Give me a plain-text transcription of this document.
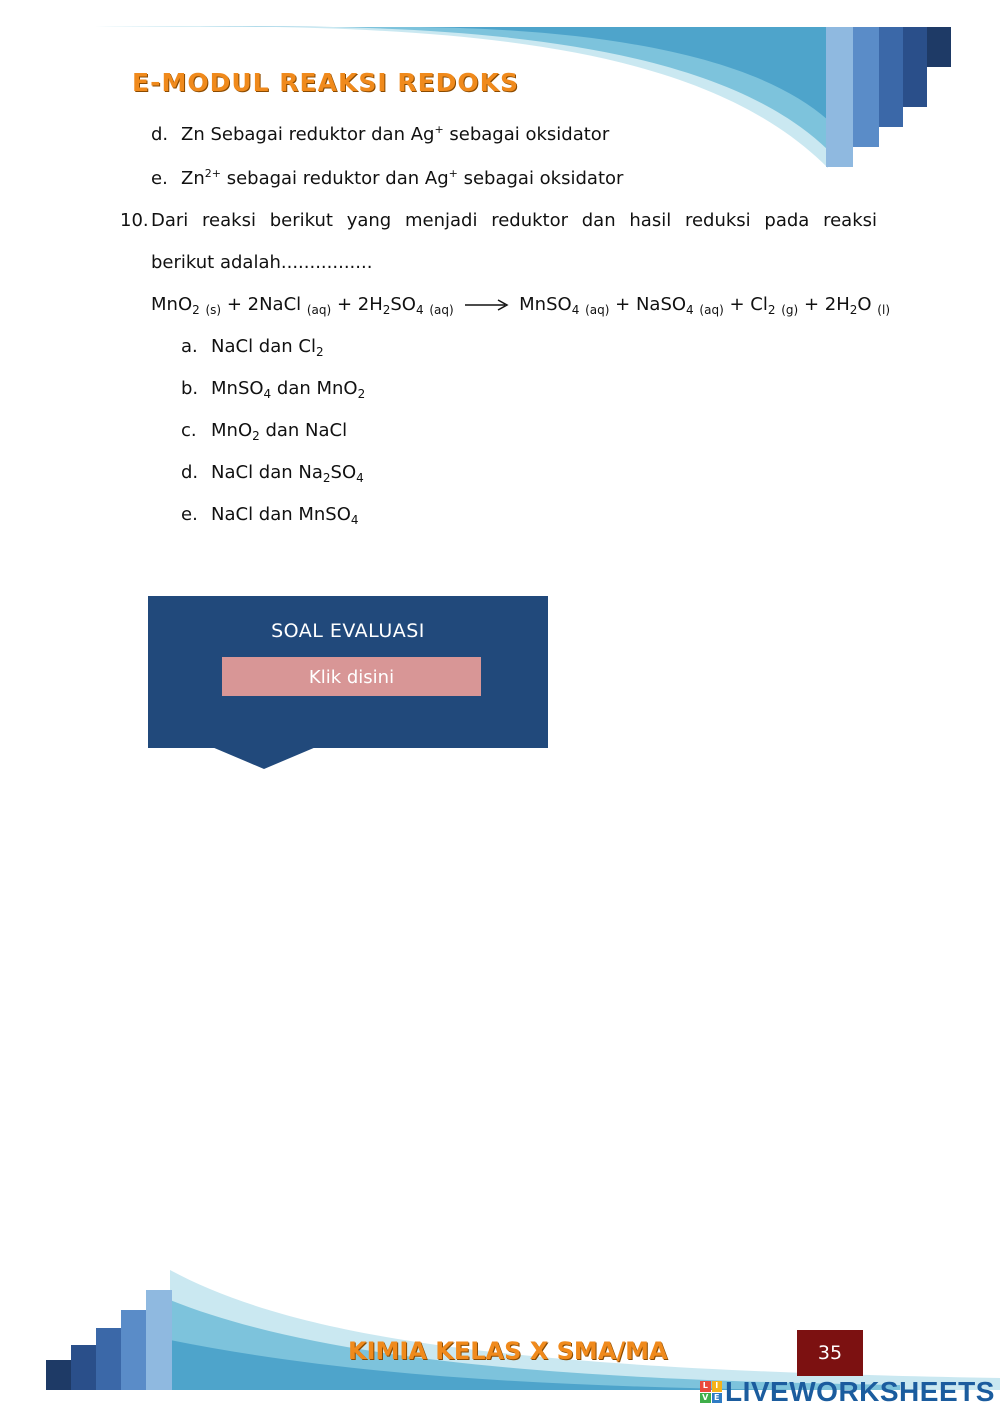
E-MODUL REAKSI REDOKS
d. Zn Sebagai reduktor dan Ag+ sebagai oksidator
e. $Zn^{2+}$ sebagai reduktor dan Ag+ sebagai oksidator
10. Dari reaksi berikut yang menjadi reduktor dan hasil reduksi pada reaksi
berikut adalah................
MnO$_2$ $_{(s)}$ + 2NaCl $_{(aq)} + 2H_2SO_4$ $_{(aq)}$ → MnSO$_4$ $_{(aq)}$ + NaSO$_4$ $_{(aq)} + Cl_2$ $_{(g)} + 2H_2O$ $_{(l)}$
a. NaCl dan $Cl_2$
b. MnSO$_4$ dan MnO$_2$
c. MnO$_2$ dan NaCl
d. NaCl dan $Na_2SO_4$
e. NaCl dan MnSO$_4$
SOAL EVALUASI
Klik disini
KIMIA KELAS X SMA/MA	35
L I
V E LIVEWORKSHEETS
